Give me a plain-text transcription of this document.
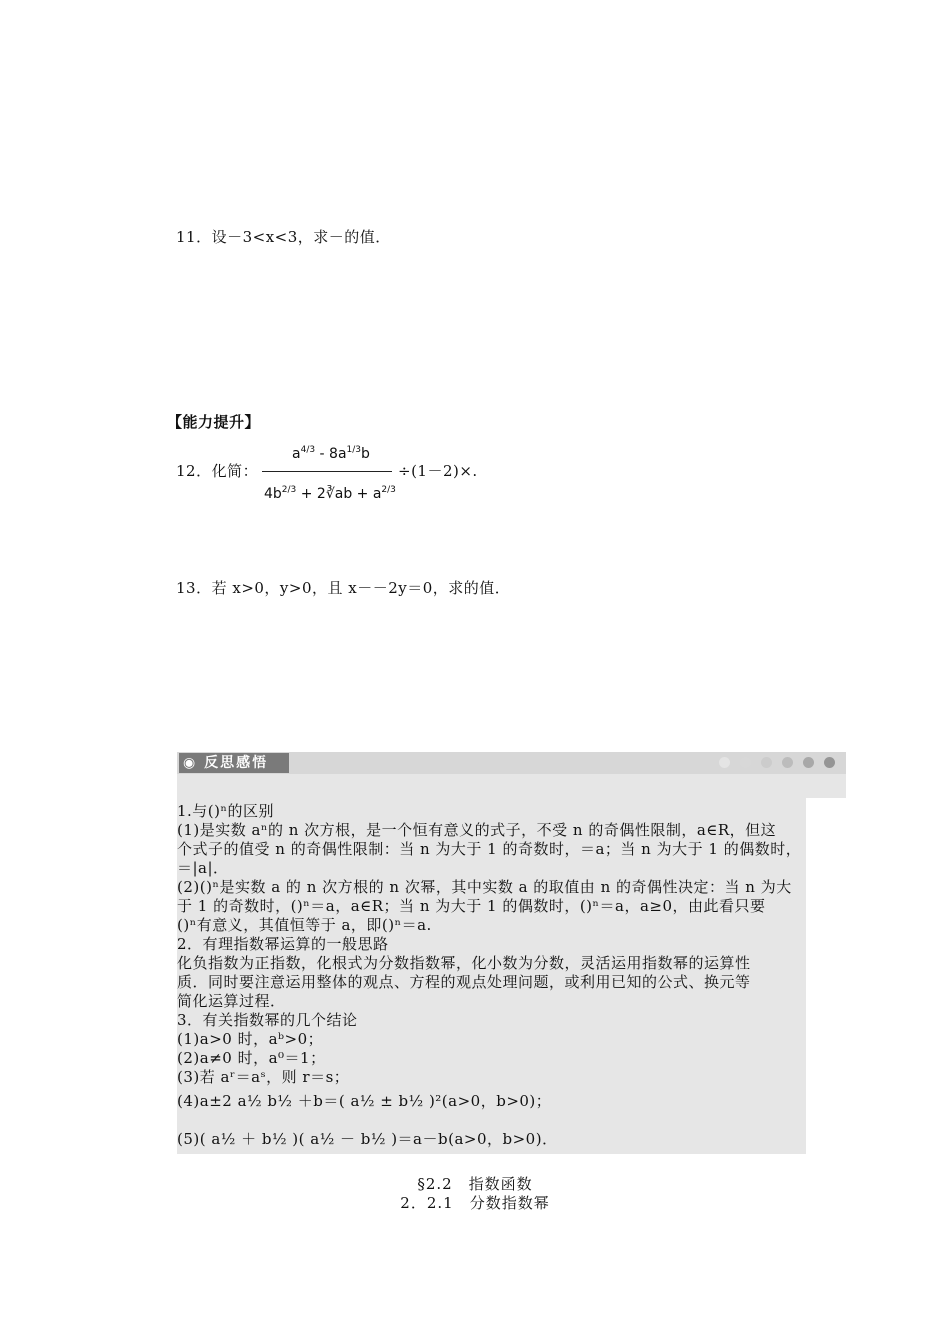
11．设－3<x<3，求－的值．
【能力提升】
12．化简：
$a^{4/3} - 8a^{1/3}b$
$4b^{2/3}$ + 2∛ab + $a^{2/3}$
÷(1－2)×.
13．若 x>0，y>0，且 x－－2y＝0，求的值．
◉ 反思感悟
1.与()ⁿ的区别
(1)是实数 aⁿ的 n 次方根，是一个恒有意义的式子，不受 n 的奇偶性限制，a∈R，但这
个式子的值受 n 的奇偶性限制：当 n 为大于 1 的奇数时，＝a；当 n 为大于 1 的偶数时，
＝|a|．
(2)()ⁿ是实数 a 的 n 次方根的 n 次幂，其中实数 a 的取值由 n 的奇偶性决定：当 n 为大
于 1 的奇数时，()ⁿ＝a，a∈R；当 n 为大于 1 的偶数时，()ⁿ＝a，a≥0，由此看只要
()ⁿ有意义，其值恒等于 a，即()ⁿ＝a.
2．有理指数幂运算的一般思路
化负指数为正指数，化根式为分数指数幂，化小数为分数，灵活运用指数幂的运算性
质．同时要注意运用整体的观点、方程的观点处理问题，或利用已知的公式、换元等
简化运算过程．
3．有关指数幂的几个结论
(1)a>0 时，aᵇ>0；
(2)a≠0 时，a⁰＝1；
(3)若 aʳ＝aˢ，则 r＝s；
(4)a±2 a½ b½ ＋b＝( a½ ± b½ )²(a>0，b>0)；
(5)( a½ ＋ b½ )( a½ － b½ )＝a－b(a>0，b>0)．
§2.2　指数函数
2．2.1　分数指数幂
